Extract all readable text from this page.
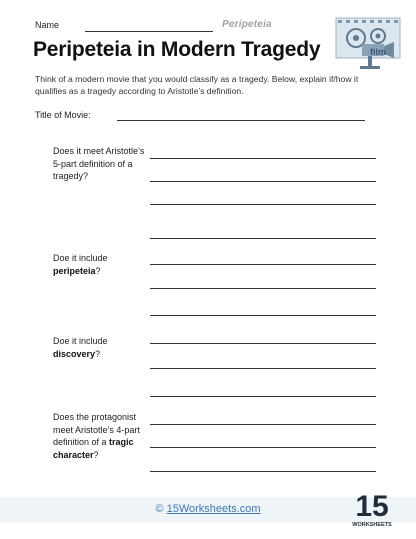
Name	Peripeteia
film
Peripeteia in Modern Tragedy
Think of a modern movie that you would classify as a tragedy. Below, explain if/how it qualifies as a tragedy according to Aristotle’s definition.
Title of Movie:
Does it meet Aristotle’s 5-part definition of a tragedy?
Doe it include
peripeteia?
Doe it include
discovery?
Does the protagonist meet Aristotle’s 4-part definition of a tragic character?
© 15Worksheets.com	15
WORKSHEETS
